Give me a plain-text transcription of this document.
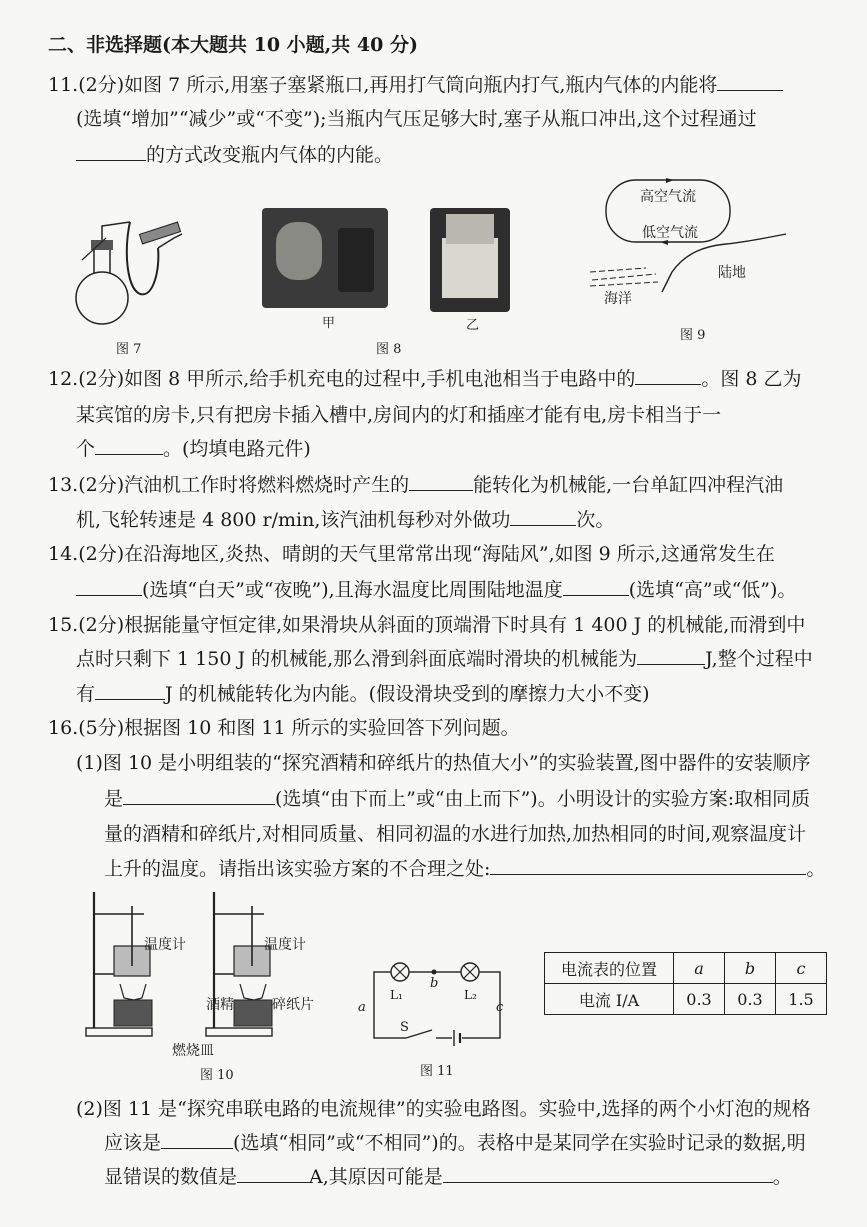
二、非选择题(本大题共 10 小题,共 40 分)
11.(2分)如图 7 所示,用塞子塞紧瓶口,再用打气筒向瓶内打气,瓶内气体的内能将
(选填“增加”“减少”或“不变”);当瓶内气压足够大时,塞子从瓶口冲出,这个过程通过
的方式改变瓶内气体的内能。
图 7
甲	乙
图 8
高空气流
低空气流
陆地
海洋
图 9
12.(2分)如图 8 甲所示,给手机充电的过程中,手机电池相当于电路中的	。图 8 乙为
某宾馆的房卡,只有把房卡插入槽中,房间内的灯和插座才能有电,房卡相当于一
个	。(均填电路元件)
13.(2分)汽油机工作时将燃料燃烧时产生的	能转化为机械能,一台单缸四冲程汽油
机,飞轮转速是 4 800 r/min,该汽油机每秒对外做功	次。
14.(2分)在沿海地区,炎热、晴朗的天气里常常出现“海陆风”,如图 9 所示,这通常发生在
(选填“白天”或“夜晚”),且海水温度比周围陆地温度	(选填“高”或“低”)。
15.(2分)根据能量守恒定律,如果滑块从斜面的顶端滑下时具有 1 400 J 的机械能,而滑到中
点时只剩下 1 150 J 的机械能,那么滑到斜面底端时滑块的机械能为	J,整个过程中
有	J 的机械能转化为内能。(假设滑块受到的摩擦力大小不变)
16.(5分)根据图 10 和图 11 所示的实验回答下列问题。
(1)图 10 是小明组装的“探究酒精和碎纸片的热值大小”的实验装置,图中器件的安装顺序
是	(选填“由下而上”或“由上而下”)。小明设计的实验方案:取相同质
量的酒精和碎纸片,对相同质量、相同初温的水进行加热,加热相同的时间,观察温度计
上升的温度。请指出该实验方案的不合理之处:	。
温度计	温度计
酒精	碎纸片
燃烧皿
图 10
L₁	L₂
a
b
c
S
图 11
电流表的位置	a	b	c
电流 I/A	0.3	0.3	1.5
(2)图 11 是“探究串联电路的电流规律”的实验电路图。实验中,选择的两个小灯泡的规格
应该是	(选填“相同”或“不相同”)的。表格中是某同学在实验时记录的数据,明
显错误的数值是	A,其原因可能是	。
